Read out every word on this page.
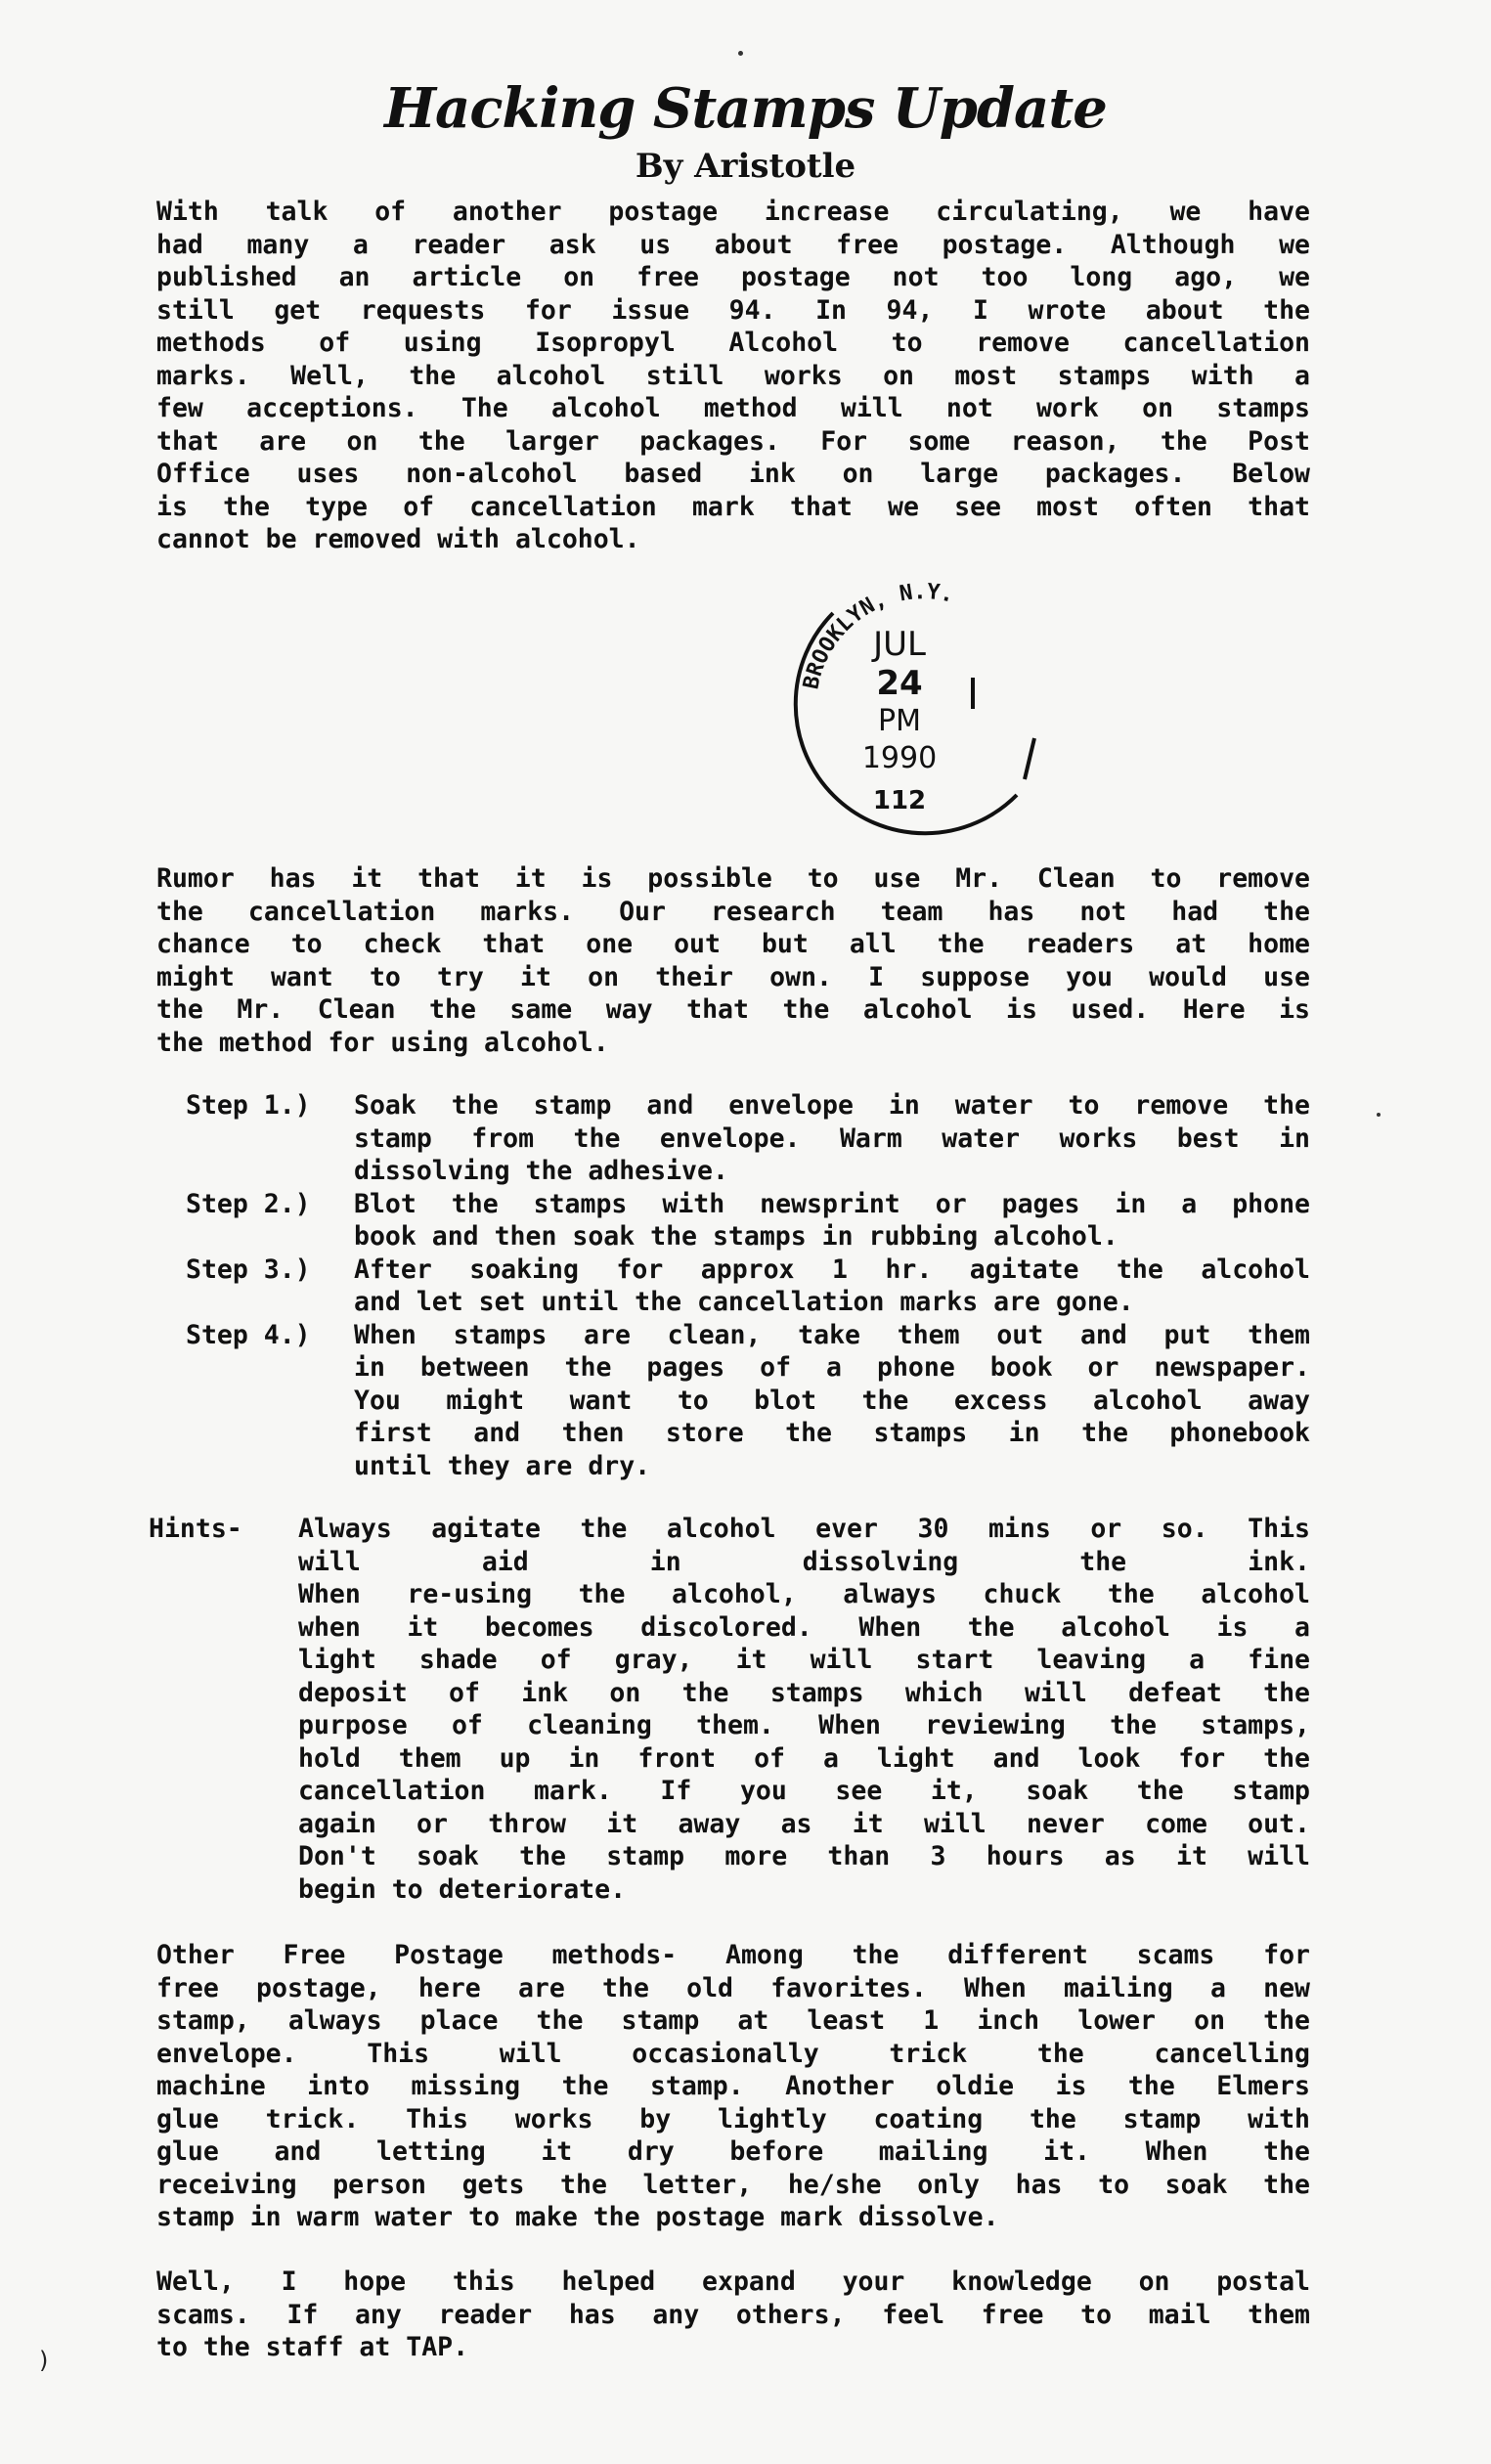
Hacking Stamps Update
By Aristotle
With talk of another postage increase circulating, we have
had many a reader ask us about free postage. Although we
published an article on free postage not too long ago, we
still get requests for issue 94. In 94, I wrote about the
methods of using Isopropyl Alcohol to remove cancellation
marks. Well, the alcohol still works on most stamps with a
few acceptions. The alcohol method will not work on stamps
that are on the larger packages. For some reason, the Post
Office uses non-alcohol based ink on large packages. Below
is the type of cancellation mark that we see most often that
cannot be removed with alcohol.
BROOKLYN, N.Y.
JUL
24
PM
1990
112
Rumor has it that it is possible to use Mr. Clean to remove
the cancellation marks. Our research team has not had the
chance to check that one out but all the readers at home
might want to try it on their own. I suppose you would use
the Mr. Clean the same way that the alcohol is used. Here is
the method for using alcohol.
Step 1.)	Soak the stamp and envelope in water to remove the
stamp from the envelope. Warm water works best in
dissolving the adhesive.
Step 2.)	Blot the stamps with newsprint or pages in a phone
book and then soak the stamps in rubbing alcohol.
Step 3.)	After soaking for approx 1 hr. agitate the alcohol
and let set until the cancellation marks are gone.
Step 4.)	When stamps are clean, take them out and put them
in between the pages of a phone book or newspaper.
You might want to blot the excess alcohol away
first and then store the stamps in the phonebook
until they are dry.
Hints-	Always agitate the alcohol ever 30 mins or so. This
will aid in dissolving the ink.
When re-using the alcohol, always chuck the alcohol
when it becomes discolored. When the alcohol is a
light shade of gray, it will start leaving a fine
deposit of ink on the stamps which will defeat the
purpose of cleaning them. When reviewing the stamps,
hold them up in front of a light and look for the
cancellation mark. If you see it, soak the stamp
again or throw it away as it will never come out.
Don't soak the stamp more than 3 hours as it will
begin to deteriorate.
Other Free Postage methods- Among the different scams for
free postage, here are the old favorites. When mailing a new
stamp, always place the stamp at least 1 inch lower on the
envelope. This will occasionally trick the cancelling
machine into missing the stamp. Another oldie is the Elmers
glue trick. This works by lightly coating the stamp with
glue and letting it dry before mailing it. When the
receiving person gets the letter, he/she only has to soak the
stamp in warm water to make the postage mark dissolve.
Well, I hope this helped expand your knowledge on postal
scams. If any reader has any others, feel free to mail them
to the staff at TAP.
)
